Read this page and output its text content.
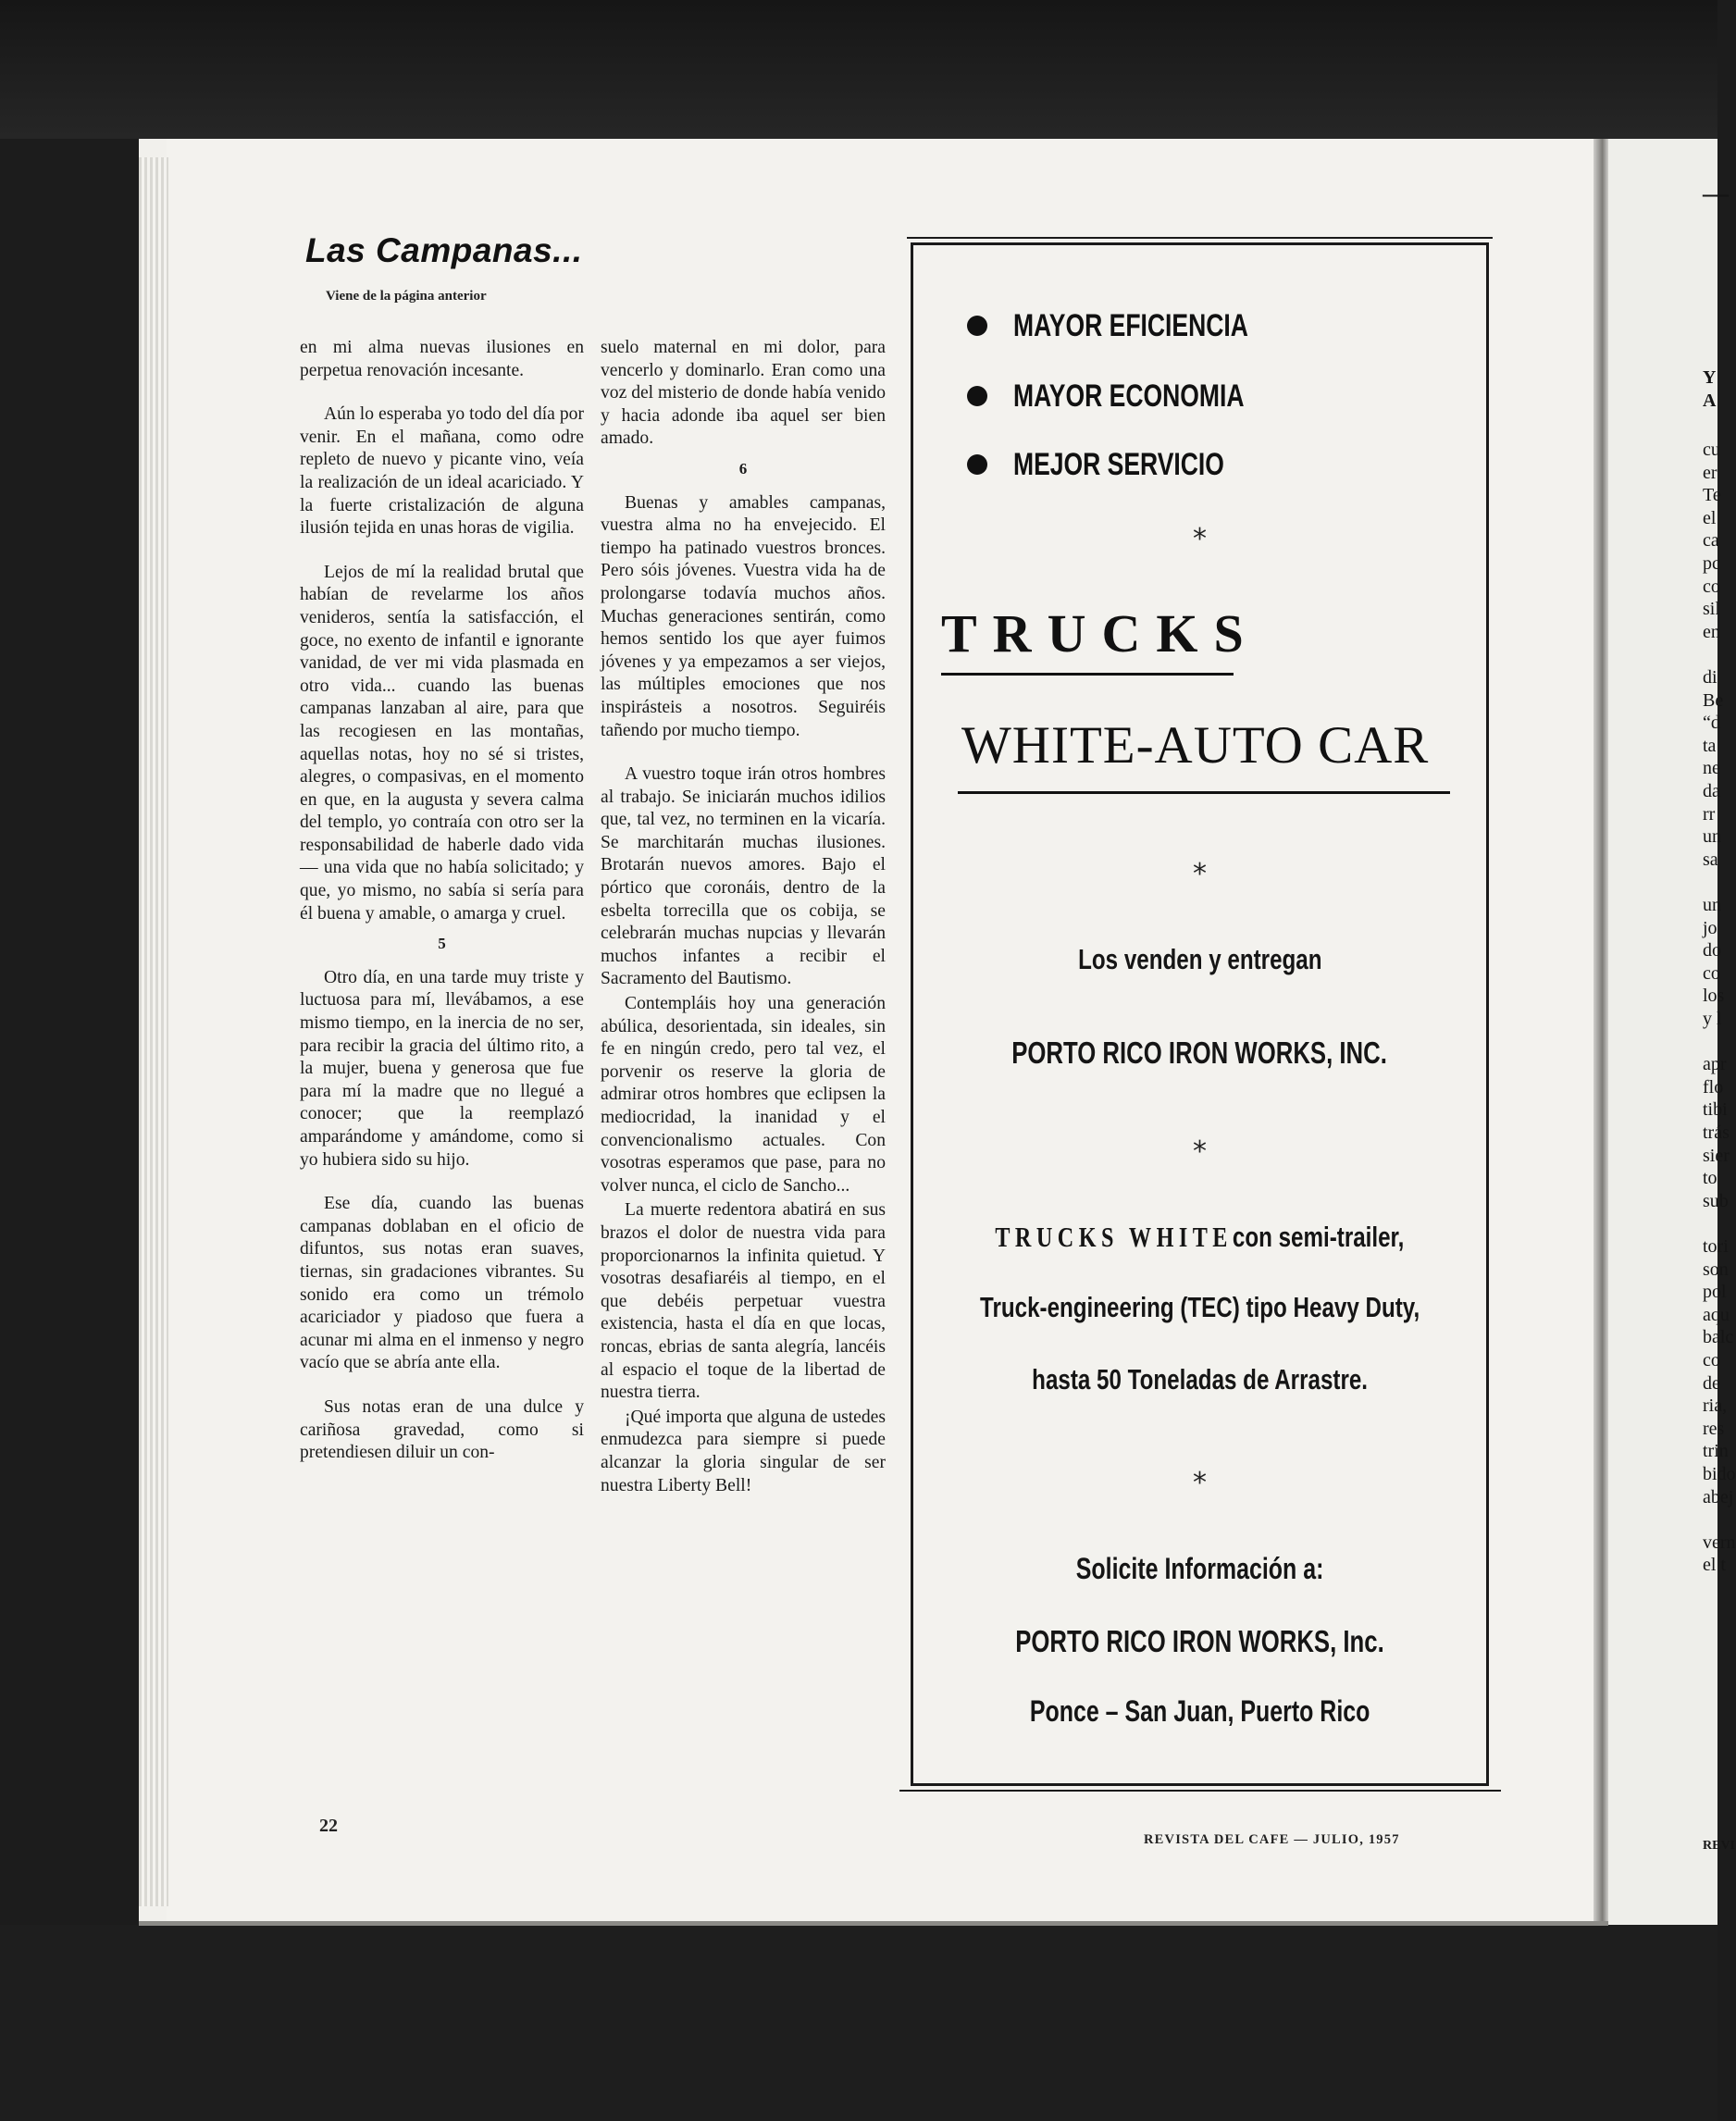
—
Y
A
cu
er
Te
el
ca
pc
co
sil
en
di
Be
“d
ta
ne
da
rr
un
sa
un
jo
do
co
los
y l
apr
flo
tibi
trás
sier
to
sub
tori
son
pol
aqu
balc
co
de
ria,
res
trin
bido
abej
vern
el t
REVI
Las Campanas...
Viene de la página anterior

en mi alma nuevas ilusiones en perpetua renovación incesante.

Aún lo esperaba yo todo del día por venir. En el mañana, como odre repleto de nuevo y picante vino, veía la realización de un ideal acariciado. Y la fuerte cristalización de alguna ilusión tejida en unas horas de vigilia.

Lejos de mí la realidad brutal que habían de revelarme los años venideros, sentía la satisfacción, el goce, no exento de infantil e ignorante vanidad, de ver mi vida plasmada en otro vida... cuando las buenas campanas lanzaban al aire, para que las recogiesen en las montañas, aquellas notas, hoy no sé si tristes, alegres, o compasivas, en el momento en que, en la augusta y severa calma del templo, yo contraía con otro ser la responsabilidad de haberle dado vida — una vida que no había solicitado; y que, yo mismo, no sabía si sería para él buena y amable, o amarga y cruel.

5

Otro día, en una tarde muy triste y luctuosa para mí, llevábamos, a ese mismo tiempo, en la inercia de no ser, para recibir la gracia del último rito, a la mujer, buena y generosa que fue para mí la madre que no llegué a conocer; que la reemplazó amparándome y amándome, como si yo hubiera sido su hijo.

Ese día, cuando las buenas campanas doblaban en el oficio de difuntos, sus notas eran suaves, tiernas, sin gradaciones vibrantes. Su sonido era como un trémolo acariciador y piadoso que fuera a acunar mi alma en el inmenso y negro vacío que se abría ante ella.

Sus notas eran de una dulce y cariñosa gravedad, como si pretendiesen diluir un con-

suelo maternal en mi dolor, para vencerlo y dominarlo. Eran como una voz del misterio de donde había venido y hacia adonde iba aquel ser bien amado.

6

Buenas y amables campanas, vuestra alma no ha envejecido. El tiempo ha patinado vuestros bronces. Pero sóis jóvenes. Vuestra vida ha de prolongarse todavía muchos años. Muchas generaciones sentirán, como hemos sentido los que ayer fuimos jóvenes y ya empezamos a ser viejos, las múltiples emociones que nos inspirásteis a nosotros. Seguiréis tañendo por mucho tiempo.

A vuestro toque irán otros hombres al trabajo. Se iniciarán muchos idilios que, tal vez, no terminen en la vicaría. Se marchitarán muchas ilusiones. Brotarán nuevos amores. Bajo el pórtico que coronáis, dentro de la esbelta torrecilla que os cobija, se celebrarán muchas nupcias y llevarán muchos infantes a recibir el Sacramento del Bautismo.

Contempláis hoy una generación abúlica, desorientada, sin ideales, sin fe en ningún credo, pero tal vez, el porvenir os reserve la gloria de admirar otros hombres que eclipsen la mediocridad, la inanidad y el convencionalismo actuales. Con vosotras esperamos que pase, para no volver nunca, el ciclo de Sancho...

La muerte redentora abatirá en sus brazos el dolor de nuestra vida para proporcionarnos la infinita quietud. Y vosotras desafiaréis al tiempo, en el que debéis perpetuar vuestra existencia, hasta el día en que locas, roncas, ebrias de santa alegría, lancéis al espacio el toque de la libertad de nuestra tierra.

¡Qué importa que alguna de ustedes enmudezca para siempre si puede alcanzar la gloria singular de ser nuestra Liberty Bell!

MAYOR EFICIENCIA
MAYOR ECONOMIA
MEJOR SERVICIO
*
TRUCKS
WHITE-AUTO CAR
*
Los venden y entregan
PORTO RICO IRON WORKS, INC.
*
TRUCKS WHITEcon semi-trailer,
Truck-engineering (TEC) tipo Heavy Duty,
hasta 50 Toneladas de Arrastre.
*
Solicite Información a:
PORTO RICO IRON WORKS, Inc.
Ponce – San Juan, Puerto Rico
22
REVISTA DEL CAFE — JULIO, 1957
